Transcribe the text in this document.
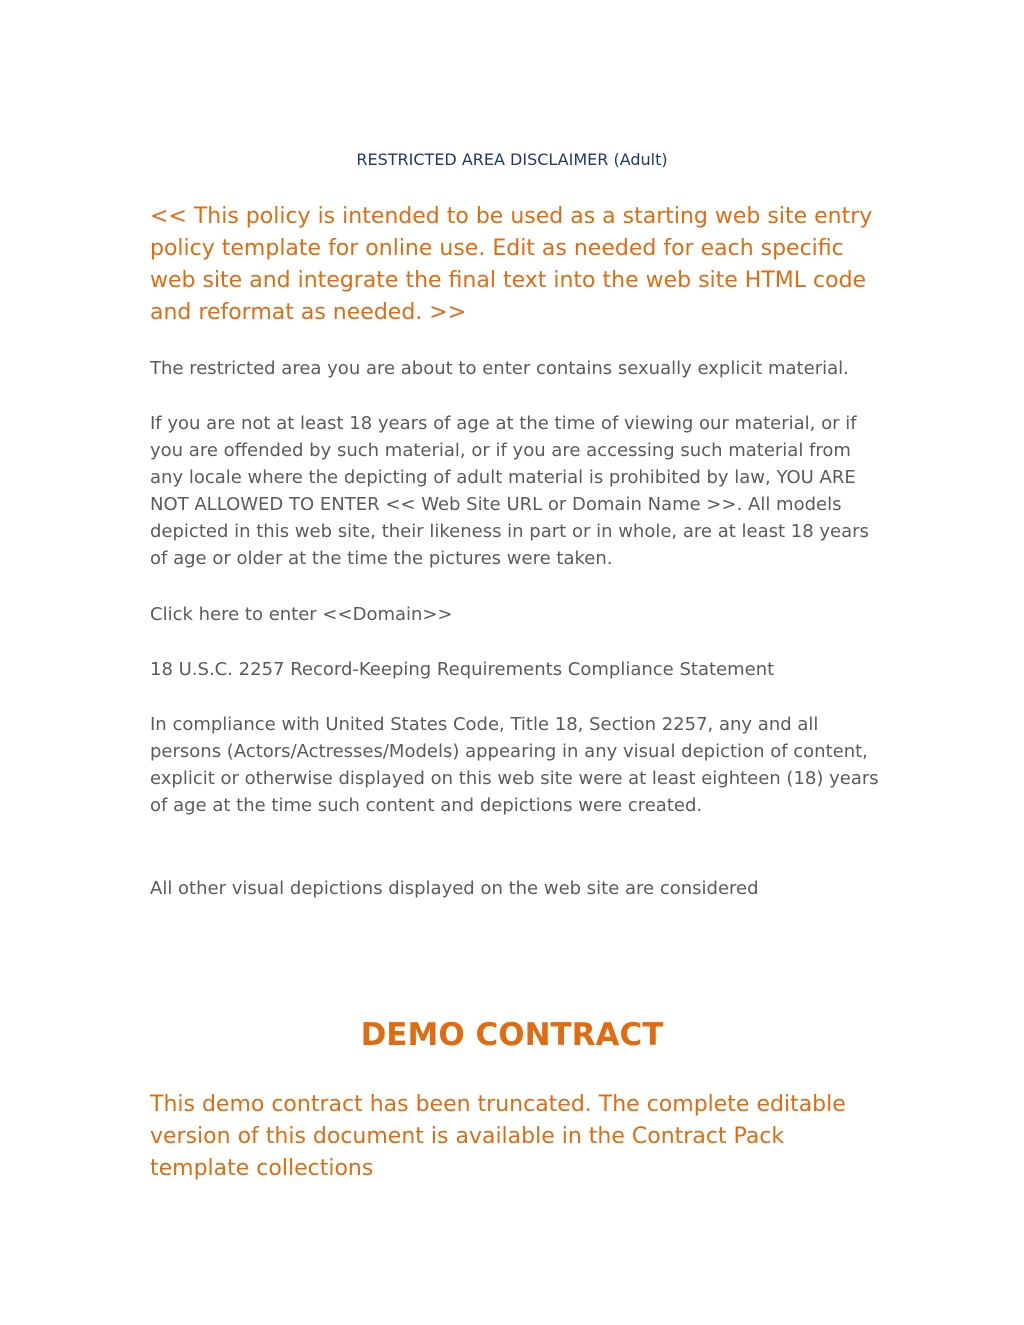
RESTRICTED AREA DISCLAIMER (Adult)
<< This policy is intended to be used as a starting web site entry policy template for online use. Edit as needed for each specific web site and integrate the final text into the web site HTML code and reformat as needed. >>
The restricted area you are about to enter contains sexually explicit material.
If you are not at least 18 years of age at the time of viewing our material, or if you are offended by such material, or if you are accessing such material from any locale where the depicting of adult material is prohibited by law, YOU ARE NOT ALLOWED TO ENTER << Web Site URL or Domain Name >>. All models depicted in this web site, their likeness in part or in whole, are at least 18 years of age or older at the time the pictures were taken.
Click here to enter <<Domain>>
18 U.S.C. 2257 Record-Keeping Requirements Compliance Statement
In compliance with United States Code, Title 18, Section 2257, any and all persons (Actors/Actresses/Models) appearing in any visual depiction of content, explicit or otherwise displayed on this web site were at least eighteen (18) years of age at the time such content and depictions were created.
All other visual depictions displayed on the web site are considered
DEMO CONTRACT
This demo contract has been truncated. The complete editable version of this document is available in the Contract Pack template collections
